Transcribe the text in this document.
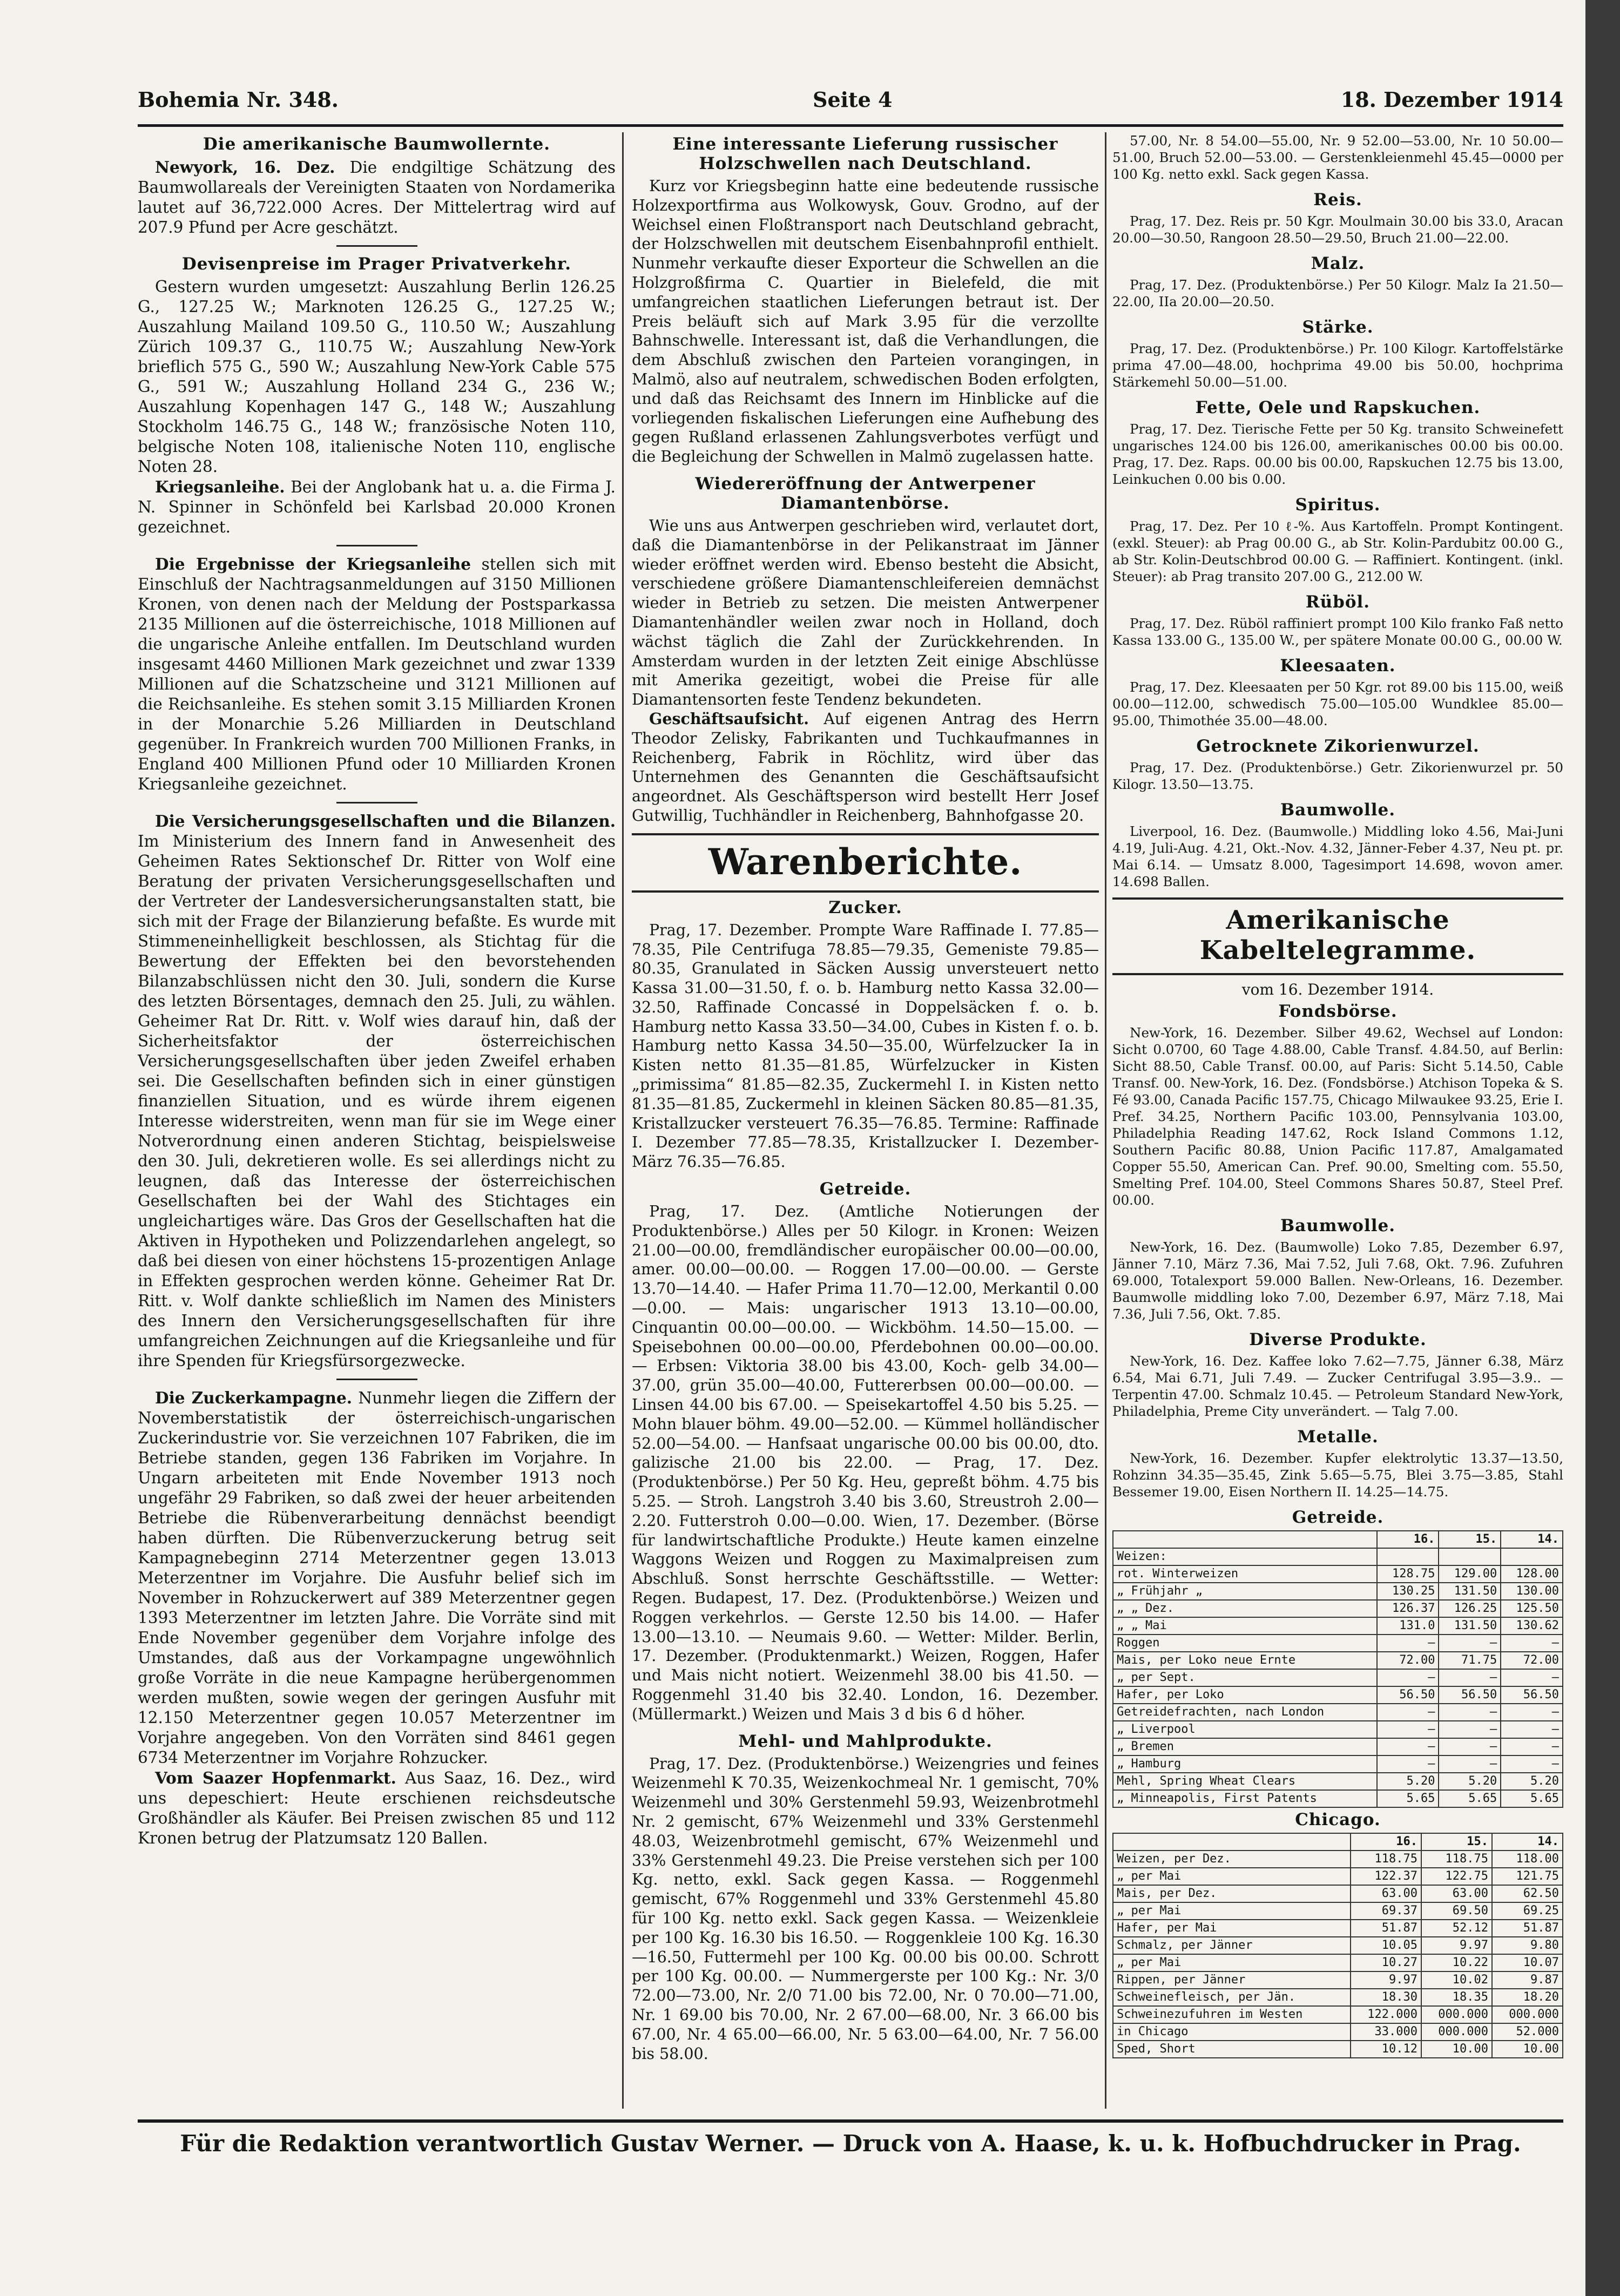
Bohemia Nr. 348.	Seite 4	18. Dezember 1914
Die amerikanische Baumwollernte.

Newyork, 16. Dez. Die endgiltige Schätzung des Baumwollareals der Vereinigten Staaten von Nordamerika lautet auf 36,722.000 Acres. Der Mittelertrag wird auf 207.9 Pfund per Acre geschätzt.

Devisenpreise im Prager Privatverkehr.

Gestern wurden umgesetzt: Auszahlung Berlin 126.25 G., 127.25 W.; Marknoten 126.25 G., 127.25 W.; Auszahlung Mailand 109.50 G., 110.50 W.; Auszahlung Zürich 109.37 G., 110.75 W.; Auszahlung New-York brieflich 575 G., 590 W.; Auszahlung New-York Cable 575 G., 591 W.; Auszahlung Holland 234 G., 236 W.; Auszahlung Kopenhagen 147 G., 148 W.; Auszahlung Stockholm 146.75 G., 148 W.; französische Noten 110, belgische Noten 108, italienische Noten 110, englische Noten 28.

Kriegsanleihe. Bei der Anglobank hat u. a. die Firma J. N. Spinner in Schönfeld bei Karlsbad 20.000 Kronen gezeichnet.

Die Ergebnisse der Kriegsanleihe stellen sich mit Einschluß der Nachtragsanmeldungen auf 3150 Millionen Kronen, von denen nach der Meldung der Postsparkassa 2135 Millionen auf die österreichische, 1018 Millionen auf die ungarische Anleihe entfallen. Im Deutschland wurden insgesamt 4460 Millionen Mark gezeichnet und zwar 1339 Millionen auf die Schatzscheine und 3121 Millionen auf die Reichsanleihe. Es stehen somit 3.15 Milliarden Kronen in der Monarchie 5.26 Milliarden in Deutschland gegenüber. In Frankreich wurden 700 Millionen Franks, in England 400 Millionen Pfund oder 10 Milliarden Kronen Kriegsanleihe gezeichnet.

Die Versicherungsgesellschaften und die Bilanzen. Im Ministerium des Innern fand in Anwesenheit des Geheimen Rates Sektionschef Dr. Ritter von Wolf eine Beratung der privaten Versicherungsgesellschaften und der Vertreter der Landesversicherungsanstalten statt, bie sich mit der Frage der Bilanzierung befaßte. Es wurde mit Stimmeneinhelligkeit beschlossen, als Stichtag für die Bewertung der Effekten bei den bevorstehenden Bilanzabschlüssen nicht den 30. Juli, sondern die Kurse des letzten Börsentages, demnach den 25. Juli, zu wählen. Geheimer Rat Dr. Ritt. v. Wolf wies darauf hin, daß der Sicherheitsfaktor der österreichischen Versicherungsgesellschaften über jeden Zweifel erhaben sei. Die Gesellschaften befinden sich in einer günstigen finanziellen Situation, und es würde ihrem eigenen Interesse widerstreiten, wenn man für sie im Wege einer Notverordnung einen anderen Stichtag, beispielsweise den 30. Juli, dekretieren wolle. Es sei allerdings nicht zu leugnen, daß das Interesse der österreichischen Gesellschaften bei der Wahl des Stichtages ein ungleichartiges wäre. Das Gros der Gesellschaften hat die Aktiven in Hypotheken und Polizzendarlehen angelegt, so daß bei diesen von einer höchstens 15-prozentigen Anlage in Effekten gesprochen werden könne. Geheimer Rat Dr. Ritt. v. Wolf dankte schließlich im Namen des Ministers des Innern den Versicherungsgesellschaften für ihre umfangreichen Zeichnungen auf die Kriegsanleihe und für ihre Spenden für Kriegsfürsorgezwecke.

Die Zuckerkampagne. Nunmehr liegen die Ziffern der Novemberstatistik der österreichisch-ungarischen Zuckerindustrie vor. Sie verzeichnen 107 Fabriken, die im Betriebe standen, gegen 136 Fabriken im Vorjahre. In Ungarn arbeiteten mit Ende November 1913 noch ungefähr 29 Fabriken, so daß zwei der heuer arbeitenden Betriebe die Rübenverarbeitung dennächst beendigt haben dürften. Die Rübenverzuckerung betrug seit Kampagnebeginn 2714 Meterzentner gegen 13.013 Meterzentner im Vorjahre. Die Ausfuhr belief sich im November in Rohzuckerwert auf 389 Meterzentner gegen 1393 Meterzentner im letzten Jahre. Die Vorräte sind mit Ende November gegenüber dem Vorjahre infolge des Umstandes, daß aus der Vorkampagne ungewöhnlich große Vorräte in die neue Kampagne herübergenommen werden mußten, sowie wegen der geringen Ausfuhr mit 12.150 Meterzentner gegen 10.057 Meterzentner im Vorjahre angegeben. Von den Vorräten sind 8461 gegen 6734 Meterzentner im Vorjahre Rohzucker.

Vom Saazer Hopfenmarkt. Aus Saaz, 16. Dez., wird uns depeschiert: Heute erschienen reichsdeutsche Großhändler als Käufer. Bei Preisen zwischen 85 und 112 Kronen betrug der Platzumsatz 120 Ballen.

Eine interessante Lieferung russischer Holzschwellen nach Deutschland.

Kurz vor Kriegsbeginn hatte eine bedeutende russische Holzexportfirma aus Wolkowysk, Gouv. Grodno, auf der Weichsel einen Floßtransport nach Deutschland gebracht, der Holzschwellen mit deutschem Eisenbahnprofil enthielt. Nunmehr verkaufte dieser Exporteur die Schwellen an die Holzgroßfirma C. Quartier in Bielefeld, die mit umfangreichen staatlichen Lieferungen betraut ist. Der Preis beläuft sich auf Mark 3.95 für die verzollte Bahnschwelle. Interessant ist, daß die Verhandlungen, die dem Abschluß zwischen den Parteien vorangingen, in Malmö, also auf neutralem, schwedischen Boden erfolgten, und daß das Reichsamt des Innern im Hinblicke auf die vorliegenden fiskalischen Lieferungen eine Aufhebung des gegen Rußland erlassenen Zahlungsverbotes verfügt und die Begleichung der Schwellen in Malmö zugelassen hatte.

Wiedereröffnung der Antwerpener Diamantenbörse.

Wie uns aus Antwerpen geschrieben wird, verlautet dort, daß die Diamantenbörse in der Pelikanstraat im Jänner wieder eröffnet werden wird. Ebenso besteht die Absicht, verschiedene größere Diamantenschleifereien demnächst wieder in Betrieb zu setzen. Die meisten Antwerpener Diamantenhändler weilen zwar noch in Holland, doch wächst täglich die Zahl der Zurückkehrenden. In Amsterdam wurden in der letzten Zeit einige Abschlüsse mit Amerika gezeitigt, wobei die Preise für alle Diamantensorten feste Tendenz bekundeten.

Geschäftsaufsicht. Auf eigenen Antrag des Herrn Theodor Zelisky, Fabrikanten und Tuchkaufmannes in Reichenberg, Fabrik in Röchlitz, wird über das Unternehmen des Genannten die Geschäftsaufsicht angeordnet. Als Geschäftsperson wird bestellt Herr Josef Gutwillig, Tuchhändler in Reichenberg, Bahnhofgasse 20.

Warenberichte.
Zucker.

Prag, 17. Dezember. Prompte Ware Raffinade I. 77.85—78.35, Pile Centrifuga 78.85—79.35, Gemeniste 79.85—80.35, Granulated in Säcken Aussig unversteuert netto Kassa 31.00—31.50, f. o. b. Hamburg netto Kassa 32.00—32.50, Raffinade Concassé in Doppelsäcken f. o. b. Hamburg netto Kassa 33.50—34.00, Cubes in Kisten f. o. b. Hamburg netto Kassa 34.50—35.00, Würfelzucker Ia in Kisten netto 81.35—81.85, Würfelzucker in Kisten „primissima“ 81.85—82.35, Zuckermehl I. in Kisten netto 81.35—81.85, Zuckermehl in kleinen Säcken 80.85—81.35, Kristallzucker versteuert 76.35—76.85. Termine: Raffinade I. Dezember 77.85—78.35, Kristallzucker I. Dezember-März 76.35—76.85.

Getreide.

Prag, 17. Dez. (Amtliche Notierungen der Produktenbörse.) Alles per 50 Kilogr. in Kronen: Weizen 21.00—00.00, fremdländischer europäischer 00.00—00.00, amer. 00.00—00.00. — Roggen 17.00—00.00. — Gerste 13.70—14.40. — Hafer Prima 11.70—12.00, Merkantil 0.00—0.00. — Mais: ungarischer 1913 13.10—00.00, Cinquantin 00.00—00.00. — Wickböhm. 14.50—15.00. — Speisebohnen 00.00—00.00, Pferdebohnen 00.00—00.00. — Erbsen: Viktoria 38.00 bis 43.00, Koch- gelb 34.00—37.00, grün 35.00—40.00, Futtererbsen 00.00—00.00. — Linsen 44.00 bis 67.00. — Speisekartoffel 4.50 bis 5.25. — Mohn blauer böhm. 49.00—52.00. — Kümmel holländischer 52.00—54.00. — Hanfsaat ungarische 00.00 bis 00.00, dto. galizische 21.00 bis 22.00. — Prag, 17. Dez. (Produktenbörse.) Per 50 Kg. Heu, gepreßt böhm. 4.75 bis 5.25. — Stroh. Langstroh 3.40 bis 3.60, Streustroh 2.00—2.20. Futterstroh 0.00—0.00. Wien, 17. Dezember. (Börse für landwirtschaftliche Produkte.) Heute kamen einzelne Waggons Weizen und Roggen zu Maximalpreisen zum Abschluß. Sonst herrschte Geschäftsstille. — Wetter: Regen. Budapest, 17. Dez. (Produktenbörse.) Weizen und Roggen verkehrlos. — Gerste 12.50 bis 14.00. — Hafer 13.00—13.10. — Neumais 9.60. — Wetter: Milder. Berlin, 17. Dezember. (Produktenmarkt.) Weizen, Roggen, Hafer und Mais nicht notiert. Weizenmehl 38.00 bis 41.50. — Roggenmehl 31.40 bis 32.40. London, 16. Dezember. (Müllermarkt.) Weizen und Mais 3 d bis 6 d höher.

Mehl- und Mahlprodukte.

Prag, 17. Dez. (Produktenbörse.) Weizengries und feines Weizenmehl K 70.35, Weizenkochmeal Nr. 1 gemischt, 70% Weizenmehl und 30% Gerstenmehl 59.93, Weizenbrotmehl Nr. 2 gemischt, 67% Weizenmehl und 33% Gerstenmehl 48.03, Weizenbrotmehl gemischt, 67% Weizenmehl und 33% Gerstenmehl 49.23. Die Preise verstehen sich per 100 Kg. netto, exkl. Sack gegen Kassa. — Roggenmehl gemischt, 67% Roggenmehl und 33% Gerstenmehl 45.80 für 100 Kg. netto exkl. Sack gegen Kassa. — Weizenkleie per 100 Kg. 16.30 bis 16.50. — Roggenkleie 100 Kg. 16.30—16.50, Futtermehl per 100 Kg. 00.00 bis 00.00. Schrott per 100 Kg. 00.00. — Nummergerste per 100 Kg.: Nr. 3/0 72.00—73.00, Nr. 2/0 71.00 bis 72.00, Nr. 0 70.00—71.00, Nr. 1 69.00 bis 70.00, Nr. 2 67.00—68.00, Nr. 3 66.00 bis 67.00, Nr. 4 65.00—66.00, Nr. 5 63.00—64.00, Nr. 7 56.00 bis 58.00.

57.00, Nr. 8 54.00—55.00, Nr. 9 52.00—53.00, Nr. 10 50.00—51.00, Bruch 52.00—53.00. — Gerstenkleienmehl 45.45—0000 per 100 Kg. netto exkl. Sack gegen Kassa.

Reis.

Prag, 17. Dez. Reis pr. 50 Kgr. Moulmain 30.00 bis 33.0, Aracan 20.00—30.50, Rangoon 28.50—29.50, Bruch 21.00—22.00.

Malz.

Prag, 17. Dez. (Produktenbörse.) Per 50 Kilogr. Malz Ia 21.50—22.00, IIa 20.00—20.50.

Stärke.

Prag, 17. Dez. (Produktenbörse.) Pr. 100 Kilogr. Kartoffelstärke prima 47.00—48.00, hochprima 49.00 bis 50.00, hochprima Stärkemehl 50.00—51.00.

Fette, Oele und Rapskuchen.

Prag, 17. Dez. Tierische Fette per 50 Kg. transito Schweinefett ungarisches 124.00 bis 126.00, amerikanisches 00.00 bis 00.00. Prag, 17. Dez. Raps. 00.00 bis 00.00, Rapskuchen 12.75 bis 13.00, Leinkuchen 0.00 bis 0.00.

Spiritus.

Prag, 17. Dez. Per 10 ℓ-%. Aus Kartoffeln. Prompt Kontingent. (exkl. Steuer): ab Prag 00.00 G., ab Str. Kolin-Pardubitz 00.00 G., ab Str. Kolin-Deutschbrod 00.00 G. — Raffiniert. Kontingent. (inkl. Steuer): ab Prag transito 207.00 G., 212.00 W.

Rüböl.

Prag, 17. Dez. Rüböl raffiniert prompt 100 Kilo franko Faß netto Kassa 133.00 G., 135.00 W., per spätere Monate 00.00 G., 00.00 W.

Kleesaaten.

Prag, 17. Dez. Kleesaaten per 50 Kgr. rot 89.00 bis 115.00, weiß 00.00—112.00, schwedisch 75.00—105.00 Wundklee 85.00—95.00, Thimothée 35.00—48.00.

Getrocknete Zikorienwurzel.

Prag, 17. Dez. (Produktenbörse.) Getr. Zikorienwurzel pr. 50 Kilogr. 13.50—13.75.

Baumwolle.

Liverpool, 16. Dez. (Baumwolle.) Middling loko 4.56, Mai-Juni 4.19, Juli-Aug. 4.21, Okt.-Nov. 4.32, Jänner-Feber 4.37, Neu pt. pr. Mai 6.14. — Umsatz 8.000, Tagesimport 14.698, wovon amer. 14.698 Ballen.

Amerikanische Kabeltelegramme.
vom 16. Dezember 1914.
Fondsbörse.

New-York, 16. Dezember. Silber 49.62, Wechsel auf London: Sicht 0.0700, 60 Tage 4.88.00, Cable Transf. 4.84.50, auf Berlin: Sicht 88.50, Cable Transf. 00.00, auf Paris: Sicht 5.14.50, Cable Transf. 00. New-York, 16. Dez. (Fondsbörse.) Atchison Topeka & S. Fé 93.00, Canada Pacific 157.75, Chicago Milwaukee 93.25, Erie I. Pref. 34.25, Northern Pacific 103.00, Pennsylvania 103.00, Philadelphia Reading 147.62, Rock Island Commons 1.12, Southern Pacific 80.88, Union Pacific 117.87, Amalgamated Copper 55.50, American Can. Pref. 90.00, Smelting com. 55.50, Smelting Pref. 104.00, Steel Commons Shares 50.87, Steel Pref. 00.00.

Baumwolle.

New-York, 16. Dez. (Baumwolle) Loko 7.85, Dezember 6.97, Jänner 7.10, März 7.36, Mai 7.52, Juli 7.68, Okt. 7.96. Zufuhren 69.000, Totalexport 59.000 Ballen. New-Orleans, 16. Dezember. Baumwolle middling loko 7.00, Dezember 6.97, März 7.18, Mai 7.36, Juli 7.56, Okt. 7.85.

Diverse Produkte.

New-York, 16. Dez. Kaffee loko 7.62—7.75, Jänner 6.38, März 6.54, Mai 6.71, Juli 7.49. — Zucker Centrifugal 3.95—3.9.. — Terpentin 47.00. Schmalz 10.45. — Petroleum Standard New-York, Philadelphia, Preme City unverändert. — Talg 7.00.

Metalle.

New-York, 16. Dezember. Kupfer elektrolytic 13.37—13.50, Rohzinn 34.35—35.45, Zink 5.65—5.75, Blei 3.75—3.85, Stahl Bessemer 19.00, Eisen Northern II. 14.25—14.75.

Getreide.
	16.	15.	14.
Weizen:			
rot. Winterweizen	128.75	129.00	128.00
„ Frühjahr „	130.25	131.50	130.00
„ „ Dez.	126.37	126.25	125.50
„ „ Mai	131.0	131.50	130.62
Roggen	—	—	—
Mais, per Loko neue Ernte	72.00	71.75	72.00
„ per Sept.	—	—	—
Hafer, per Loko	56.50	56.50	56.50
Getreidefrachten, nach London	—	—	—
„ Liverpool	—	—	—
„ Bremen	—	—	—
„ Hamburg	—	—	—
Mehl, Spring Wheat Clears	5.20	5.20	5.20
„ Minneapolis, First Patents	5.65	5.65	5.65
Chicago.
	16.	15.	14.
Weizen, per Dez.	118.75	118.75	118.00
„ per Mai	122.37	122.75	121.75
Mais, per Dez.	63.00	63.00	62.50
„ per Mai	69.37	69.50	69.25
Hafer, per Mai	51.87	52.12	51.87
Schmalz, per Jänner	10.05	9.97	9.80
„ per Mai	10.27	10.22	10.07
Rippen, per Jänner	9.97	10.02	9.87
Schweinefleisch, per Jän.	18.30	18.35	18.20
Schweinezufuhren im Westen	122.000	000.000	000.000
in Chicago	33.000	000.000	52.000
Sped, Short	10.12	10.00	10.00
Für die Redaktion verantwortlich Gustav Werner. — Druck von A. Haase, k. u. k. Hofbuchdrucker in Prag.
